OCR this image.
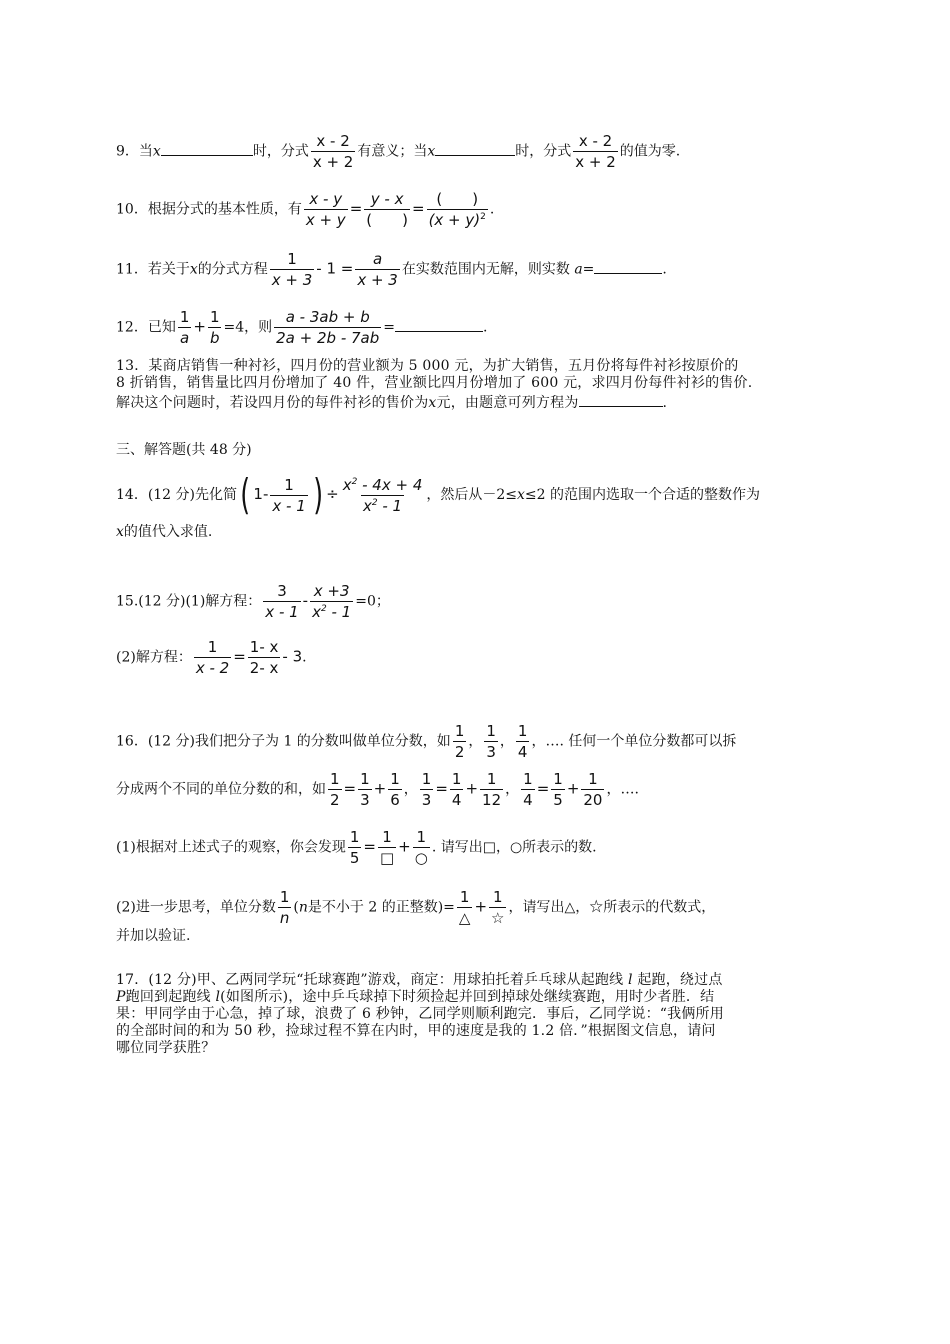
9．当x	时，分式 $\frac{x - 2}{x + 2}$ 有意义；当x	时，分式 $\frac{x - 2}{x + 2}$ 的值为零.
10．根据分式的基本性质，有 $\frac{x - y}{x + y} = \frac{y - x}{( )} = \frac{( )}{(x + y)^2}$ .
11．若关于x的分式方程 $\frac{1}{x + 3} - 1 = \frac{a}{x + 3}$ 在实数范围内无解，则实数 a=	.
12．已知 $\frac{1}{a} + \frac{1}{b} =4$，则 $\frac{a - 3ab + b}{2a + 2b - 7ab}$ =	.
13．某商店销售一种衬衫，四月份的营业额为 5 000 元，为扩大销售，五月份将每件衬衫按原价的
8 折销售，销售量比四月份增加了 40 件，营业额比四月份增加了 600 元，求四月份每件衬衫的售价.
解决这个问题时，若设四月份的每件衬衫的售价为x元，由题意可列方程为	.
三、解答题(共 48 分)
14．(12 分)先化简( $1- \frac{1}{x - 1}$ ) ÷ $\frac{x^2 - 4x + 4}{x^2 - 1}$ ，然后从－2≤x≤2 的范围内选取一个合适的整数作为
x的值代入求值.
15.(12 分)(1)解方程： $\frac{3}{x - 1} - \frac{x +3}{x^2 - 1} =0$；
(2)解方程： $\frac{1}{x - 2} = \frac{1- x}{2- x} - 3$.
16．(12 分)我们把分子为 1 的分数叫做单位分数，如 $\frac{1}{2}$ ， $\frac{1}{3}$ ， $\frac{1}{4}$ ，…. 任何一个单位分数都可以拆
分成两个不同的单位分数的和，如 $\frac{1}{2} = \frac{1}{3} + \frac{1}{6}$ ， $\frac{1}{3} = \frac{1}{4} + \frac{1}{12}$ ， $\frac{1}{4} = \frac{1}{5} + \frac{1}{20}$ ，….
(1)根据对上述式子的观察，你会发现 $\frac{1}{5} = \frac{1}{□} + \frac{1}{○}$ . 请写出□，○所表示的数.
(2)进一步思考，单位分数 $\frac{1}{n} (n$是不小于 2 的正整数)= $\frac{1}{\triangle} + \frac{1}{☆}$ ，请写出△，☆所表示的代数式，
并加以验证.
17．(12 分)甲、乙两同学玩“托球赛跑”游戏，商定：用球拍托着乒乓球从起跑线 l 起跑，绕过点
P跑回到起跑线 l(如图所示)，途中乒乓球掉下时须捡起并回到掉球处继续赛跑，用时少者胜．结
果：甲同学由于心急，掉了球，浪费了 6 秒钟，乙同学则顺利跑完．事后，乙同学说：“我俩所用
的全部时间的和为 50 秒，捡球过程不算在内时，甲的速度是我的 1.2 倍．”根据图文信息，请问
哪位同学获胜？
